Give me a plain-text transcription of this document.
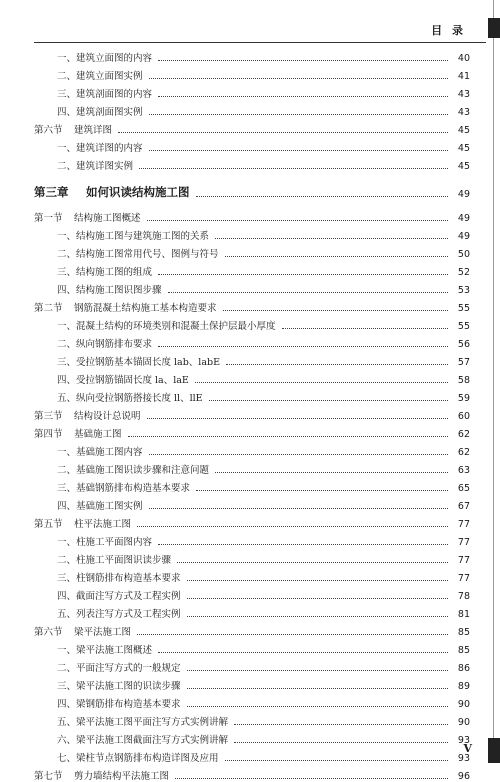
目 录
一、建筑立面图的内容	40
二、建筑立面图实例	41
三、建筑剖面图的内容	43
四、建筑剖面图实例	43
第六节	建筑详图	45
一、建筑详图的内容	45
二、建筑详图实例	45
第三章	如何识读结构施工图	49
第一节	结构施工图概述	49
一、结构施工图与建筑施工图的关系	49
二、结构施工图常用代号、图例与符号	50
三、结构施工图的组成	52
四、结构施工图识图步骤	53
第二节	钢筋混凝土结构施工基本构造要求	55
一、混凝土结构的环境类别和混凝土保护层最小厚度	55
二、纵向钢筋排布要求	56
三、受拉钢筋基本锚固长度 lab、labE	57
四、受拉钢筋锚固长度 la、laE	58
五、纵向受拉钢筋搭接长度 ll、llE	59
第三节	结构设计总说明	60
第四节	基础施工图	62
一、基础施工图内容	62
二、基础施工图识读步骤和注意问题	63
三、基础钢筋排布构造基本要求	65
四、基础施工图实例	67
第五节	柱平法施工图	77
一、柱施工平面图内容	77
二、柱施工平面图识读步骤	77
三、柱钢筋排布构造基本要求	77
四、截面注写方式及工程实例	78
五、列表注写方式及工程实例	81
第六节	梁平法施工图	85
一、梁平法施工图概述	85
二、平面注写方式的一般规定	86
三、梁平法施工图的识读步骤	89
四、梁钢筋排布构造基本要求	90
五、梁平法施工图平面注写方式实例讲解	90
六、梁平法施工图截面注写方式实例讲解	93
七、梁柱节点钢筋排布构造详图及应用	93
第七节	剪力墙结构平法施工图	96
V
